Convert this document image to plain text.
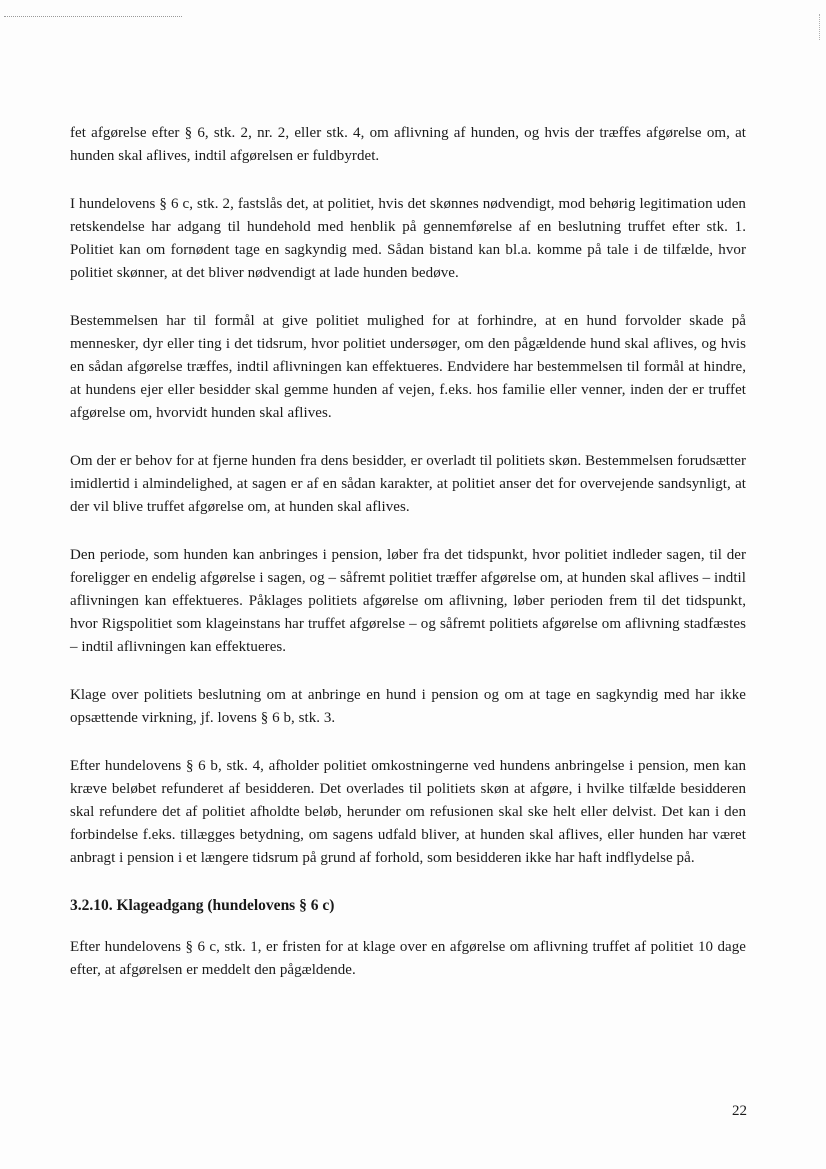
fet afgørelse efter § 6, stk. 2, nr. 2, eller stk. 4, om aflivning af hunden, og hvis der træffes afgørelse om, at hunden skal aflives, indtil afgørelsen er fuldbyrdet.

I hundelovens § 6 c, stk. 2, fastslås det, at politiet, hvis det skønnes nødvendigt, mod behørig legitimation uden retskendelse har adgang til hundehold med henblik på gennemførelse af en beslutning truffet efter stk. 1. Politiet kan om fornødent tage en sagkyndig med. Sådan bistand kan bl.a. komme på tale i de tilfælde, hvor politiet skønner, at det bliver nødvendigt at lade hunden bedøve.

Bestemmelsen har til formål at give politiet mulighed for at forhindre, at en hund forvolder skade på mennesker, dyr eller ting i det tidsrum, hvor politiet undersøger, om den pågældende hund skal aflives, og hvis en sådan afgørelse træffes, indtil aflivningen kan effektueres. Endvidere har bestemmelsen til formål at hindre, at hundens ejer eller besidder skal gemme hunden af vejen, f.eks. hos familie eller venner, inden der er truffet afgørelse om, hvorvidt hunden skal aflives.

Om der er behov for at fjerne hunden fra dens besidder, er overladt til politiets skøn. Bestemmelsen forudsætter imidlertid i almindelighed, at sagen er af en sådan karakter, at politiet anser det for overvejende sandsynligt, at der vil blive truffet afgørelse om, at hunden skal aflives.

Den periode, som hunden kan anbringes i pension, løber fra det tidspunkt, hvor politiet indleder sagen, til der foreligger en endelig afgørelse i sagen, og – såfremt politiet træffer afgørelse om, at hunden skal aflives – indtil aflivningen kan effektueres. Påklages politiets afgørelse om aflivning, løber perioden frem til det tidspunkt, hvor Rigspolitiet som klageinstans har truffet afgørelse – og såfremt politiets afgørelse om aflivning stadfæstes – indtil aflivningen kan effektueres.

Klage over politiets beslutning om at anbringe en hund i pension og om at tage en sagkyndig med har ikke opsættende virkning, jf. lovens § 6 b, stk. 3.

Efter hundelovens § 6 b, stk. 4, afholder politiet omkostningerne ved hundens anbringelse i pension, men kan kræve beløbet refunderet af besidderen. Det overlades til politiets skøn at afgøre, i hvilke tilfælde besidderen skal refundere det af politiet afholdte beløb, herunder om refusionen skal ske helt eller delvist. Det kan i den forbindelse f.eks. tillægges betydning, om sagens udfald bliver, at hunden skal aflives, eller hunden har været anbragt i pension i et længere tidsrum på grund af forhold, som besidderen ikke har haft indflydelse på.

3.2.10. Klageadgang (hundelovens § 6 c)

Efter hundelovens § 6 c, stk. 1, er fristen for at klage over en afgørelse om aflivning truffet af politiet 10 dage efter, at afgørelsen er meddelt den pågældende.

22
